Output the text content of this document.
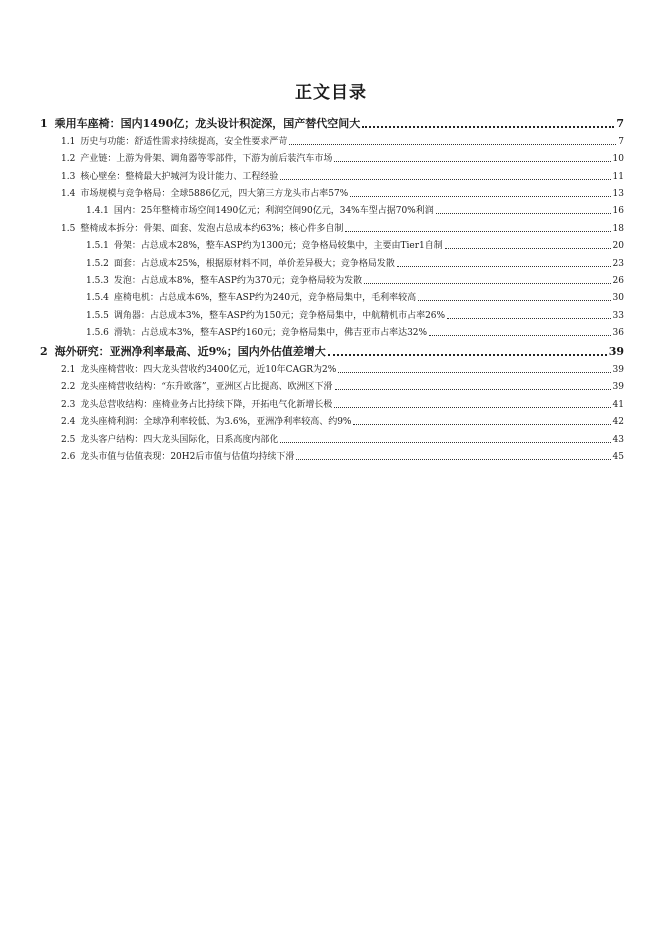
正文目录
1 乘用车座椅：国内1490亿；龙头设计积淀深，国产替代空间大	7
1.1 历史与功能：舒适性需求持续提高，安全性要求严苛	7
1.2 产业链：上游为骨架、调角器等零部件，下游为前后装汽车市场	10
1.3 核心壁垒：整椅最大护城河为设计能力、工程经验	11
1.4 市场规模与竞争格局：全球5886亿元，四大第三方龙头市占率57%	13
1.4.1 国内：25年整椅市场空间1490亿元；利润空间90亿元，34%车型占据70%利润	16
1.5 整椅成本拆分：骨架、面套、发泡占总成本约63%；核心件多自制	18
1.5.1 骨架：占总成本28%，整车ASP约为1300元；竞争格局较集中，主要由Tier1自制	20
1.5.2 面套：占总成本25%，根据原材料不同，单价差异极大；竞争格局发散	23
1.5.3 发泡：占总成本8%，整车ASP约为370元；竞争格局较为发散	26
1.5.4 座椅电机：占总成本6%，整车ASP约为240元，竞争格局集中，毛利率较高	30
1.5.5 调角器：占总成本3%，整车ASP约为150元；竞争格局集中，中航精机市占率26%	33
1.5.6 滑轨：占总成本3%，整车ASP约160元；竞争格局集中，佛吉亚市占率达32%	36
2 海外研究：亚洲净利率最高、近9%；国内外估值差增大	39
2.1 龙头座椅营收：四大龙头营收约3400亿元，近10年CAGR为2%	39
2.2 龙头座椅营收结构：“东升欧落”，亚洲区占比提高、欧洲区下滑	39
2.3 龙头总营收结构：座椅业务占比持续下降，开拓电气化新增长极	41
2.4 龙头座椅利润：全球净利率较低、为3.6%，亚洲净利率较高、约9%	42
2.5 龙头客户结构：四大龙头国际化，日系高度内部化	43
2.6 龙头市值与估值表现：20H2后市值与估值均持续下滑	45
